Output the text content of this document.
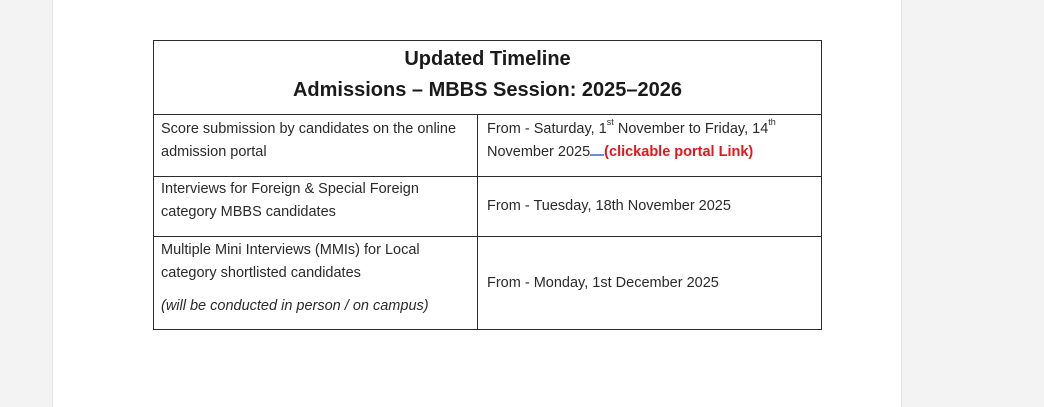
Updated Timeline
Admissions – MBBS Session: 2025–2026	

Score submission by candidates on the online admission portal	From - Saturday, 1st November to Friday, 14th November 2025 (clickable portal Link)

Interviews for Foreign & Special Foreign category MBBS candidates	From - Tuesday, 18th November 2025

Multiple Mini Interviews (MMIs) for Local category shortlisted candidates
(will be conducted in person / on campus)	From - Monday, 1st December 2025
